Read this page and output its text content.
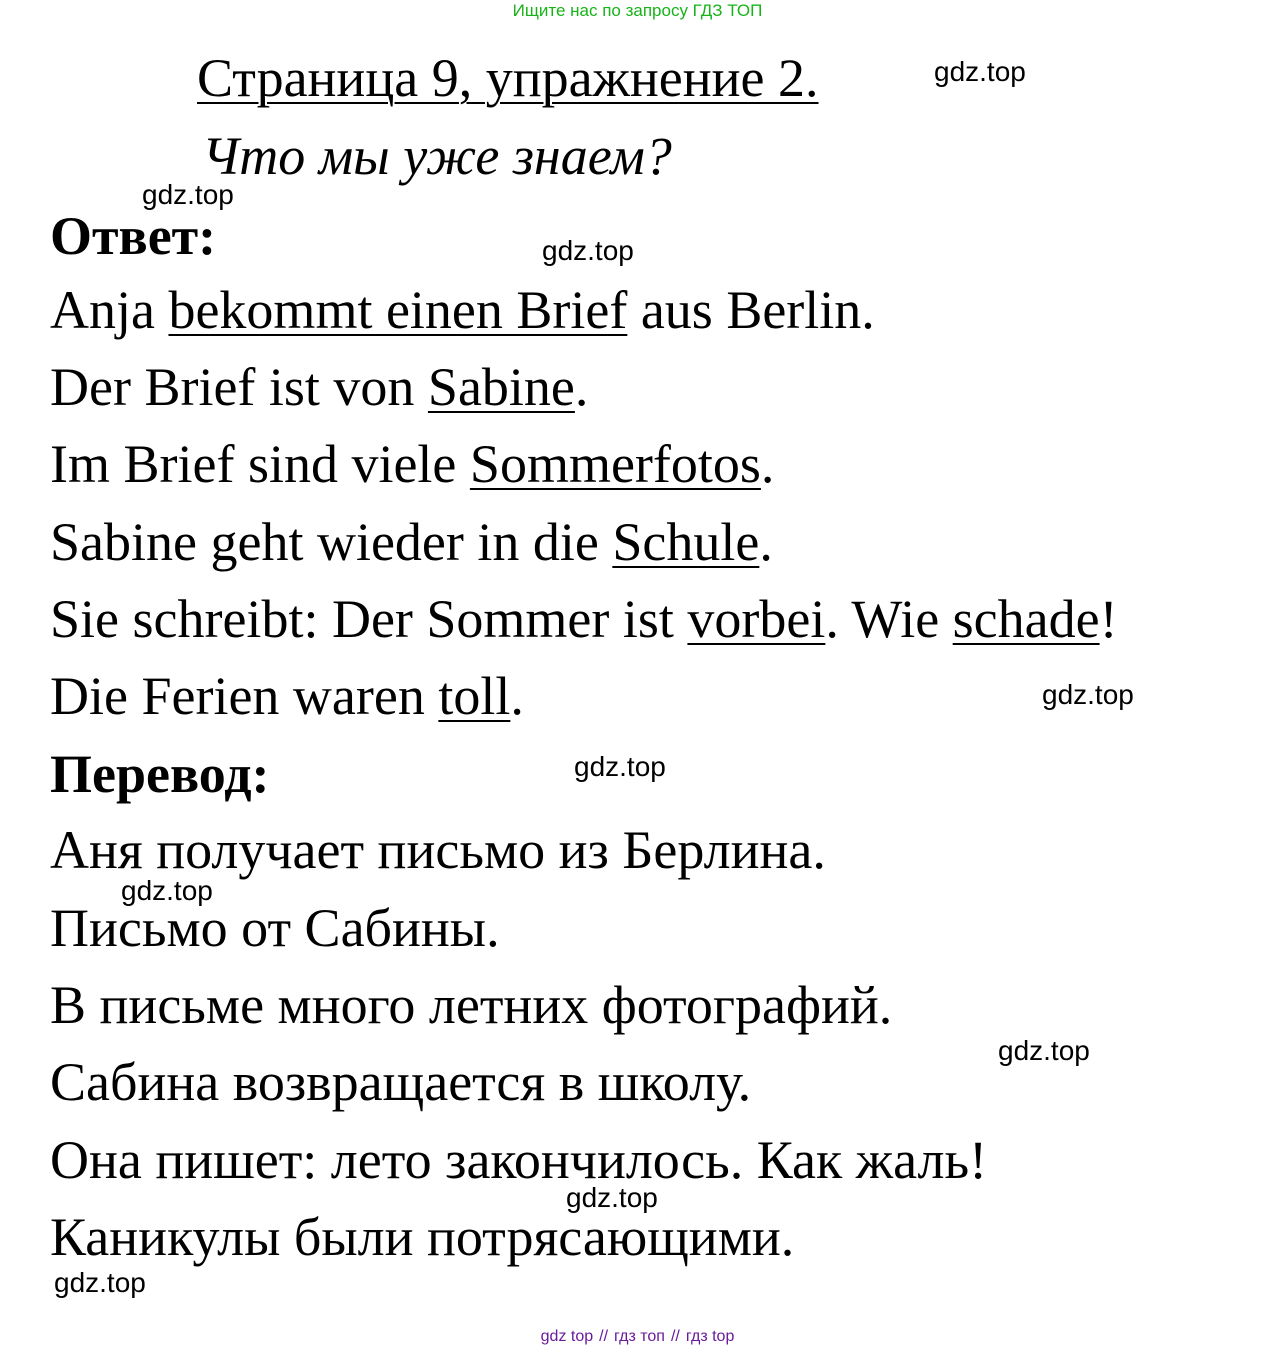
Ищите нас по запросу ГДЗ ТОП
Страница 9, упражнение 2.
Что мы уже знаем?
Ответ:
Anja bekommt einen Brief aus Berlin.
Der Brief ist von Sabine.
Im Brief sind viele Sommerfotos.
Sabine geht wieder in die Schule.
Sie schreibt: Der Sommer ist vorbei. Wie schade!
Die Ferien waren toll.
Перевод:
Аня получает письмо из Берлина.
Письмо от Сабины.
В письме много летних фотографий.
Сабина возвращается в школу.
Она пишет: лето закончилось. Как жаль!
Каникулы были потрясающими.
gdz.top
gdz.top
gdz.top
gdz.top
gdz.top
gdz.top
gdz.top
gdz.top
gdz.top
gdz top // гдз топ // гдз top
